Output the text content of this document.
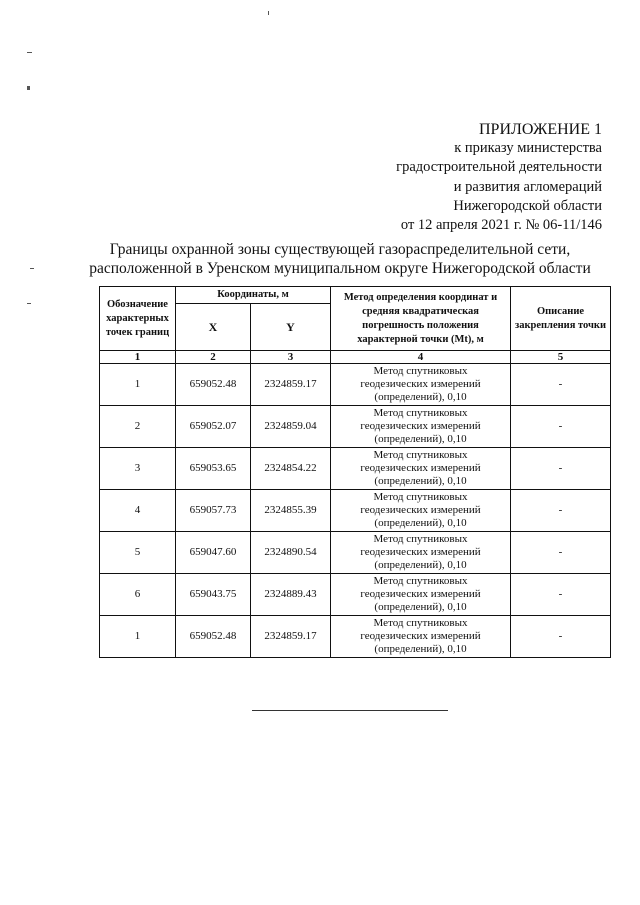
ПРИЛОЖЕНИЕ 1
к приказу министерства
градостроительной деятельности
и развития агломераций
Нижегородской области
от 12 апреля 2021 г. № 06-11/146
Границы охранной зоны существующей газораспределительной сети,
расположенной в Уренском муниципальном округе Нижегородской области
Обозначение характерных точек границ	Координаты, м		Метод определения координат и средняя квадратическая погрешность положения характерной точки (Mt), м	Описание закрепления точки
	X	Y		
1	2	3	4	5
1	659052.48	2324859.17	Метод спутниковых
геодезических измерений
(определений), 0,10	-
2	659052.07	2324859.04	Метод спутниковых
геодезических измерений
(определений), 0,10	-
3	659053.65	2324854.22	Метод спутниковых
геодезических измерений
(определений), 0,10	-
4	659057.73	2324855.39	Метод спутниковых
геодезических измерений
(определений), 0,10	-
5	659047.60	2324890.54	Метод спутниковых
геодезических измерений
(определений), 0,10	-
6	659043.75	2324889.43	Метод спутниковых
геодезических измерений
(определений), 0,10	-
1	659052.48	2324859.17	Метод спутниковых
геодезических измерений
(определений), 0,10	-
